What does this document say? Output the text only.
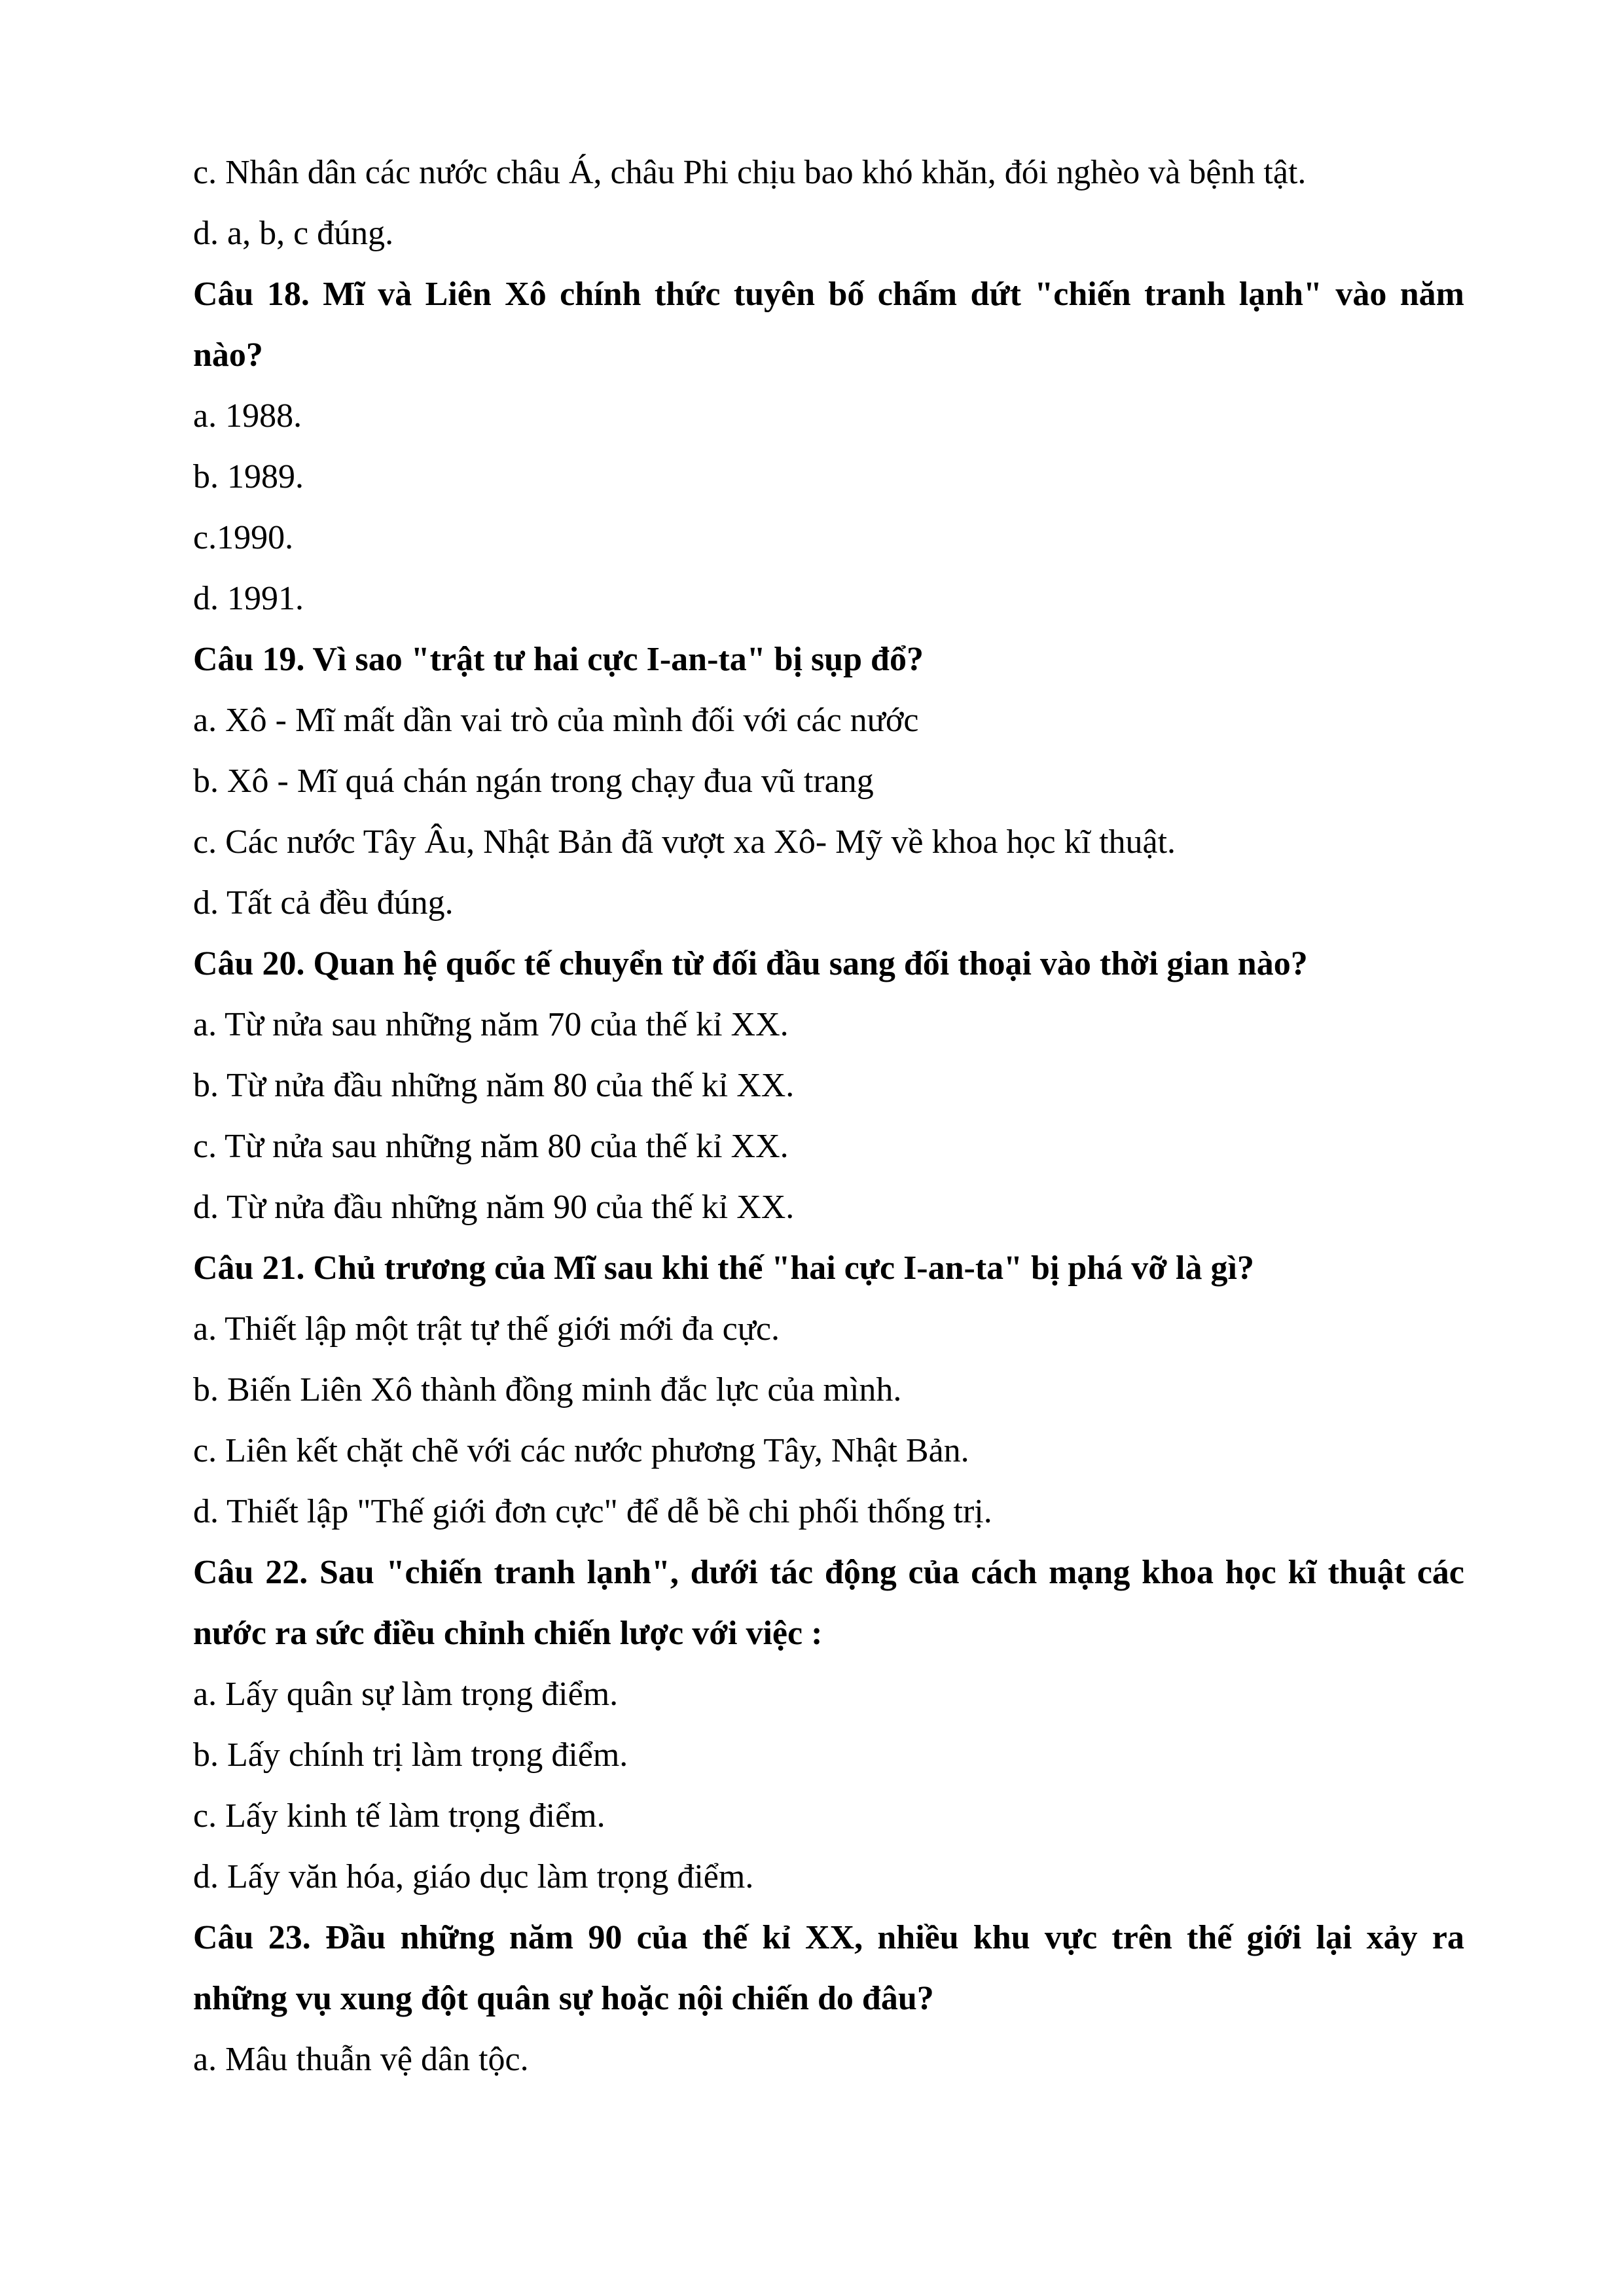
c. Nhân dân các nước châu Á, châu Phi chịu bao khó khăn, đói nghèo và bệnh tật.

d. a, b, c đúng.

Câu 18. Mĩ và Liên Xô chính thức tuyên bố chấm dứt "chiến tranh lạnh" vào năm

nào?

a. 1988.

b. 1989.

c.1990.

d. 1991.

Câu 19. Vì sao "trật tư hai cực I-an-ta" bị sụp đổ?

a. Xô - Mĩ mất dần vai trò của mình đối với các nước

b. Xô - Mĩ quá chán ngán trong chạy đua vũ trang

c. Các nước Tây Âu, Nhật Bản đã vượt xa Xô- Mỹ về khoa học kĩ thuật.

d. Tất cả đều đúng.

Câu 20. Quan hệ quốc tế chuyển từ đối đầu sang đối thoại vào thời gian nào?

a. Từ nửa sau những năm 70 của thế kỉ XX.

b. Từ nửa đầu những năm 80 của thế kỉ XX.

c. Từ nửa sau những năm 80 của thế kỉ XX.

d. Từ nửa đầu những năm 90 của thế kỉ XX.

Câu 21. Chủ trương của Mĩ sau khi thế "hai cực I-an-ta" bị phá vỡ là gì?

a. Thiết lập một trật tự thế giới mới đa cực.

b. Biến Liên Xô thành đồng minh đắc lực của mình.

c. Liên kết chặt chẽ với các nước phương Tây, Nhật Bản.

d. Thiết lập "Thế giới đơn cực" để dễ bề chi phối thống trị.

Câu 22. Sau "chiến tranh lạnh", dưới tác động của cách mạng khoa học kĩ thuật các

nước ra sức điều chỉnh chiến lược với việc :

a. Lấy quân sự làm trọng điểm.

b. Lấy chính trị làm trọng điểm.

c. Lấy kinh tế làm trọng điểm.

d. Lấy văn hóa, giáo dục làm trọng điểm.

Câu 23. Đầu những năm 90 của thế kỉ XX, nhiều khu vực trên thế giới lại xảy ra

những vụ xung đột quân sự hoặc nội chiến do đâu?

a. Mâu thuẫn vệ dân tộc.
